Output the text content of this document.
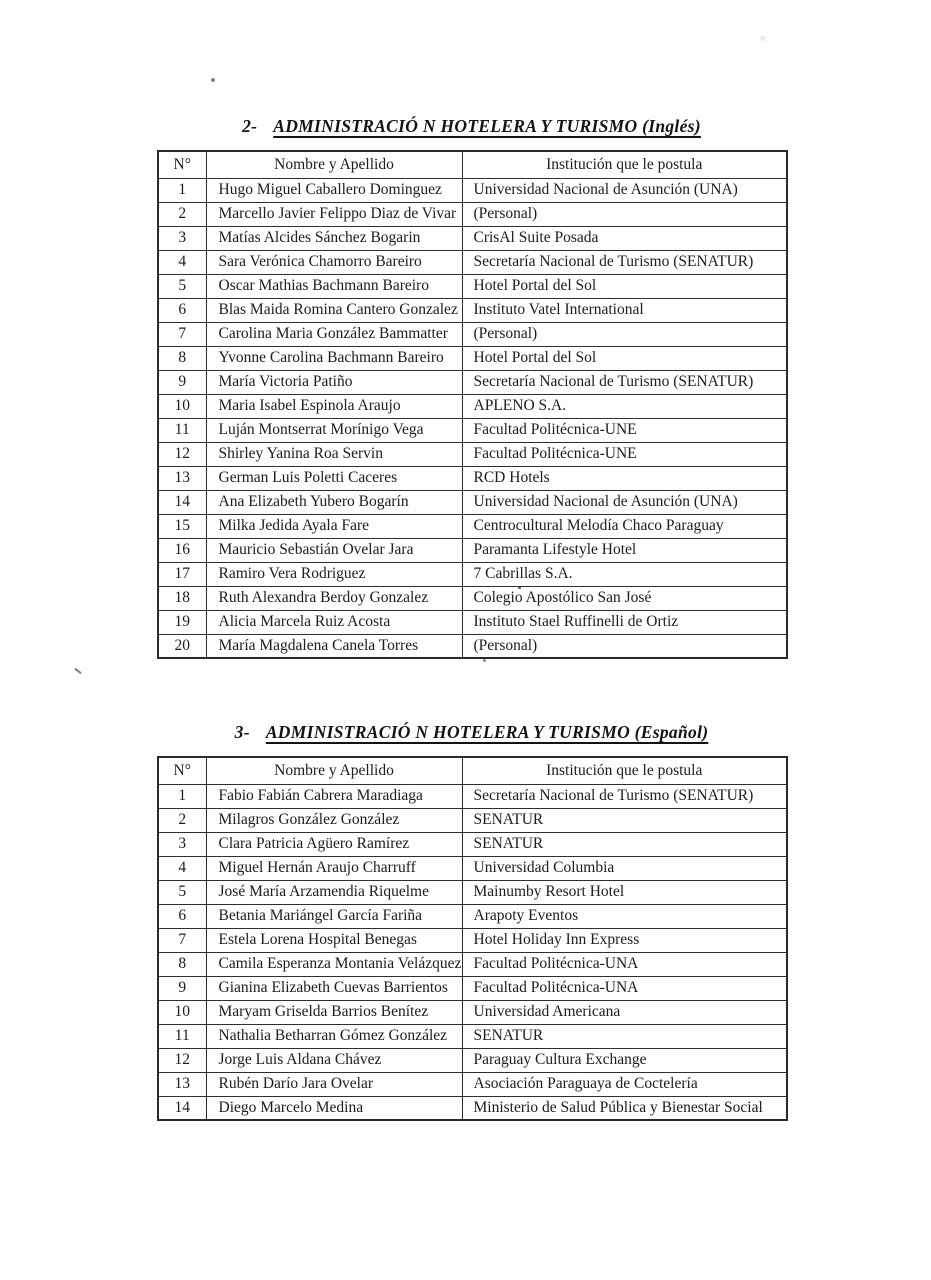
2- ADMINISTRACIÓ N HOTELERA Y TURISMO (Inglés)
N°	Nombre y Apellido	Institución que le postula
1	Hugo Miguel Caballero Dominguez	Universidad Nacional de Asunción (UNA)
2	Marcello Javier Felippo Diaz de Vivar	(Personal)
3	Matías Alcides Sánchez Bogarin	CrisAl Suite Posada
4	Sara Verónica Chamorro Bareiro	Secretaría Nacional de Turismo (SENATUR)
5	Oscar Mathias Bachmann Bareiro	Hotel Portal del Sol
6	Blas Maida Romina Cantero Gonzalez	Instituto Vatel International
7	Carolina Maria González Bammatter	(Personal)
8	Yvonne Carolina Bachmann Bareiro	Hotel Portal del Sol
9	María Victoria Patiño	Secretaría Nacional de Turismo (SENATUR)
10	Maria Isabel Espinola Araujo	APLENO S.A.
11	Luján Montserrat Morínigo Vega	Facultad Politécnica-UNE
12	Shirley Yanina Roa Servin	Facultad Politécnica-UNE
13	German Luis Poletti Caceres	RCD Hotels
14	Ana Elizabeth Yubero Bogarín	Universidad Nacional de Asunción (UNA)
15	Milka Jedida Ayala Fare	Centrocultural Melodía Chaco Paraguay
16	Mauricio Sebastián Ovelar Jara	Paramanta Lifestyle Hotel
17	Ramiro Vera Rodriguez	7 Cabrillas S.A.
18	Ruth Alexandra Berdoy Gonzalez	Colegio Apostólico San José
19	Alicia Marcela Ruiz Acosta	Instituto Stael Ruffinelli de Ortiz
20	María Magdalena Canela Torres	(Personal)
3- ADMINISTRACIÓ N HOTELERA Y TURISMO (Español)
N°	Nombre y Apellido	Institución que le postula
1	Fabio Fabián Cabrera Maradiaga	Secretaría Nacional de Turismo (SENATUR)
2	Milagros González González	SENATUR
3	Clara Patricia Agüero Ramírez	SENATUR
4	Miguel Hernán Araujo Charruff	Universidad Columbia
5	José María Arzamendia Riquelme	Mainumby Resort Hotel
6	Betania Mariángel García Fariña	Arapoty Eventos
7	Estela Lorena Hospital Benegas	Hotel Holiday Inn Express
8	Camila Esperanza Montania Velázquez	Facultad Politécnica-UNA
9	Gianina Elizabeth Cuevas Barrientos	Facultad Politécnica-UNA
10	Maryam Griselda Barrios Benítez	Universidad Americana
11	Nathalia Betharran Gómez González	SENATUR
12	Jorge Luis Aldana Chávez	Paraguay Cultura Exchange
13	Rubén Darío Jara Ovelar	Asociación Paraguaya de Coctelería
14	Diego Marcelo Medina	Ministerio de Salud Pública y Bienestar Social
